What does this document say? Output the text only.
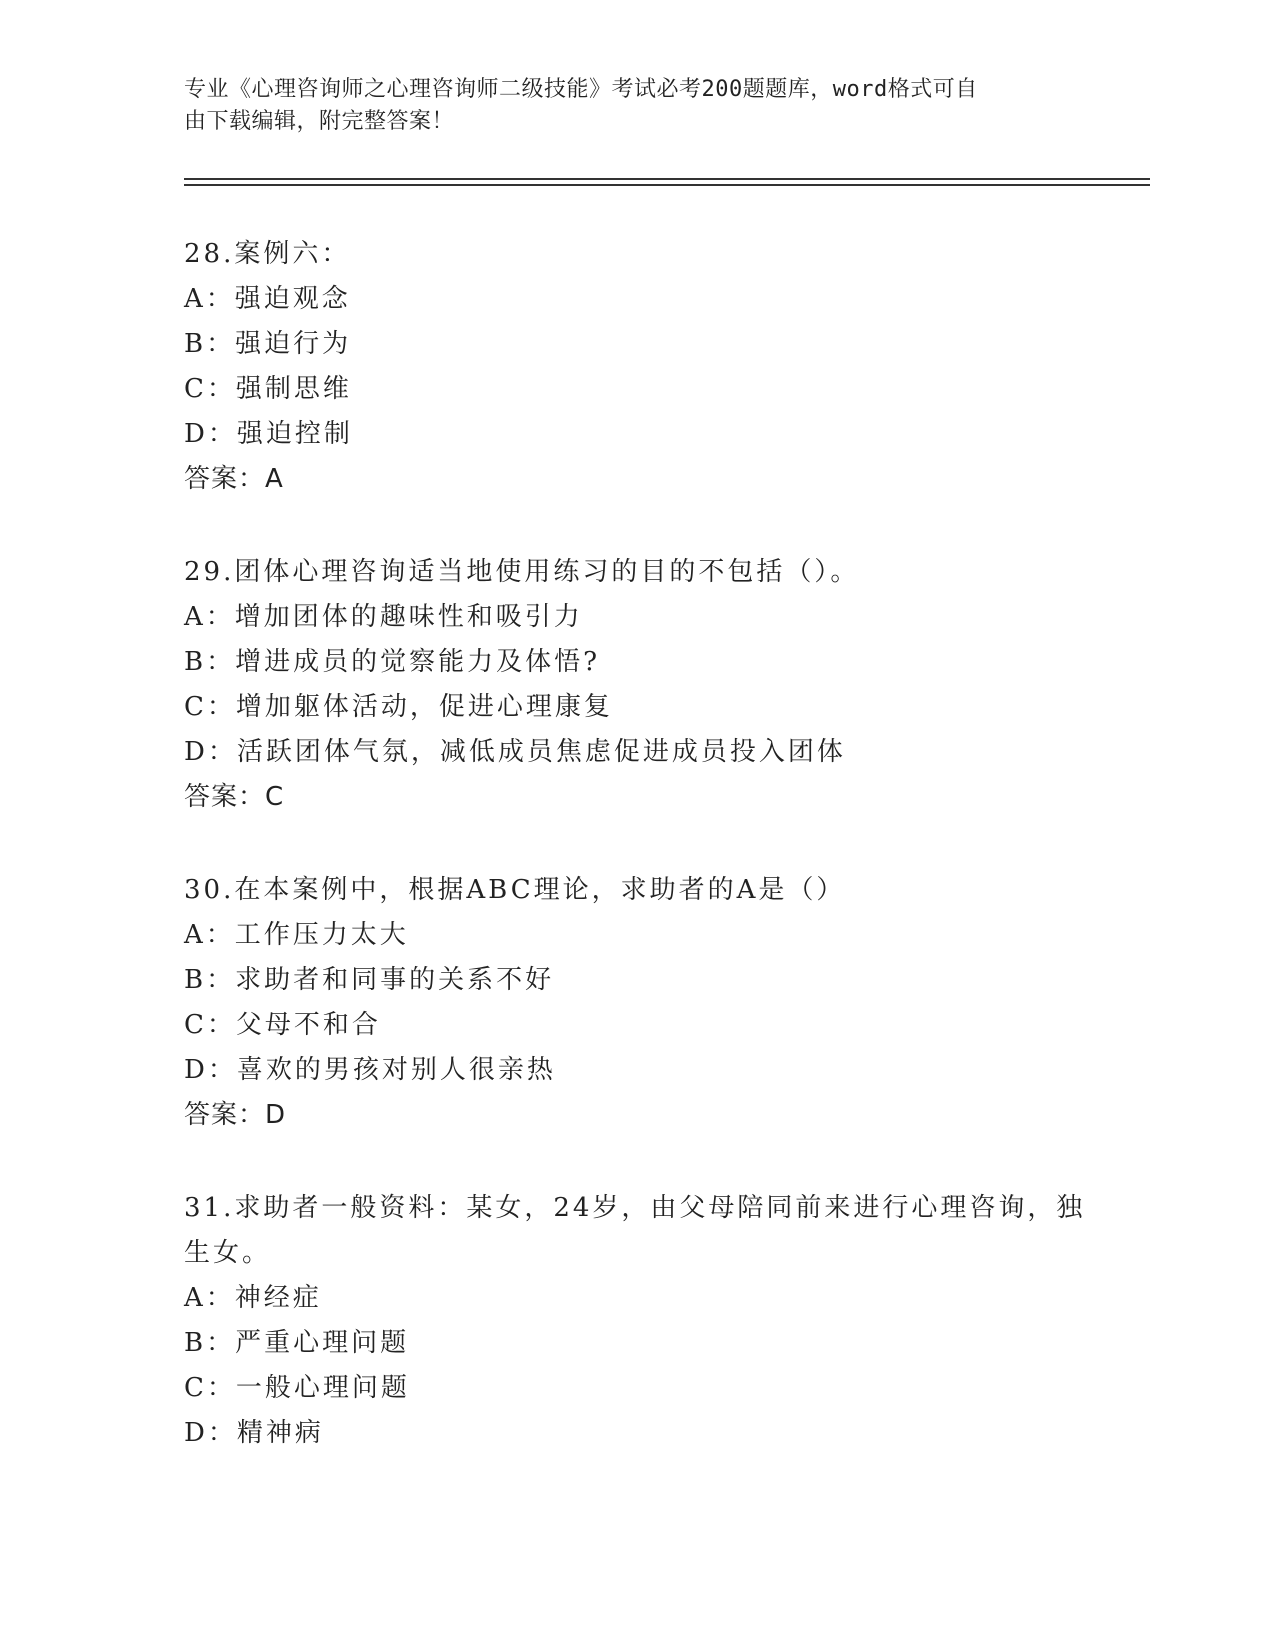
专业《心理咨询师之心理咨询师二级技能》考试必考200题题库，word格式可自
由下载编辑，附完整答案！
28.案例六：
A：强迫观念
B：强迫行为
C：强制思维
D：强迫控制
答案：A
29.团体心理咨询适当地使用练习的目的不包括（）。
A：增加团体的趣味性和吸引力
B：增进成员的觉察能力及体悟?
C：增加躯体活动，促进心理康复
D：活跃团体气氛，减低成员焦虑促进成员投入团体
答案：C
30.在本案例中，根据ABC理论，求助者的A是（）
A：工作压力太大
B：求助者和同事的关系不好
C：父母不和合
D：喜欢的男孩对别人很亲热
答案：D
31.求助者一般资料：某女，24岁，由父母陪同前来进行心理咨询，独
生女。
A：神经症
B：严重心理问题
C：一般心理问题
D：精神病
